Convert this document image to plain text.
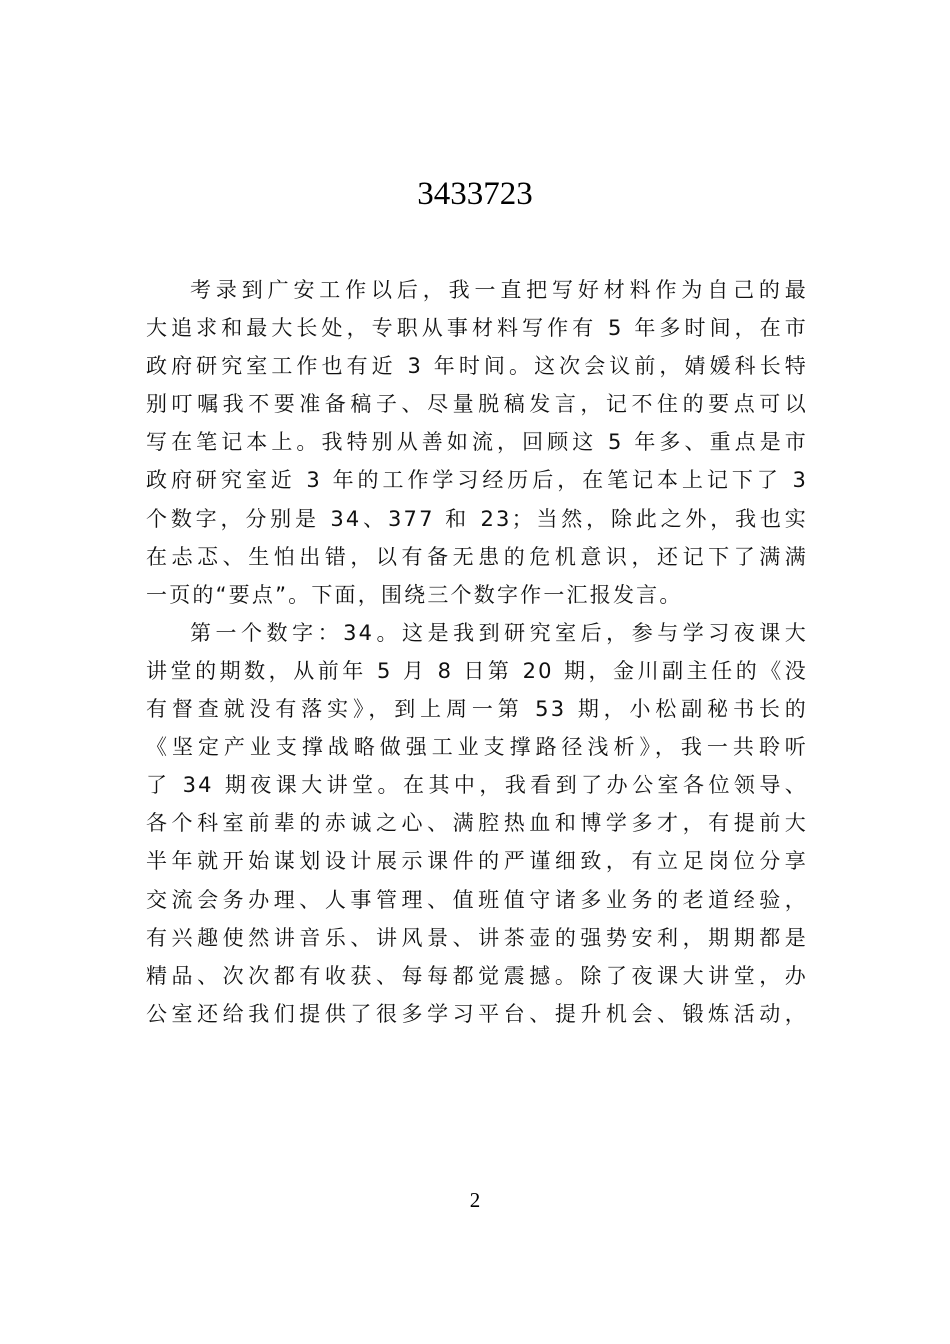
3433723
考录到广安工作以后，我一直把写好材料作为自己的最
大追求和最大长处，专职从事材料写作有 5 年多时间，在市
政府研究室工作也有近 3 年时间。这次会议前，婧媛科长特
别叮嘱我不要准备稿子、尽量脱稿发言，记不住的要点可以
写在笔记本上。我特别从善如流，回顾这 5 年多、重点是市
政府研究室近 3 年的工作学习经历后，在笔记本上记下了 3
个数字，分别是 34、377 和 23；当然，除此之外，我也实
在忐忑、生怕出错，以有备无患的危机意识，还记下了满满
一页的“要点”。下面，围绕三个数字作一汇报发言。
第一个数字：34。这是我到研究室后，参与学习夜课大
讲堂的期数，从前年 5 月 8 日第 20 期，金川副主任的《没
有督查就没有落实》，到上周一第 53 期，小松副秘书长的
《坚定产业支撑战略做强工业支撑路径浅析》，我一共聆听
了 34 期夜课大讲堂。在其中，我看到了办公室各位领导、
各个科室前辈的赤诚之心、满腔热血和博学多才，有提前大
半年就开始谋划设计展示课件的严谨细致，有立足岗位分享
交流会务办理、人事管理、值班值守诸多业务的老道经验，
有兴趣使然讲音乐、讲风景、讲茶壶的强势安利，期期都是
精品、次次都有收获、每每都觉震撼。除了夜课大讲堂，办
公室还给我们提供了很多学习平台、提升机会、锻炼活动，
2
